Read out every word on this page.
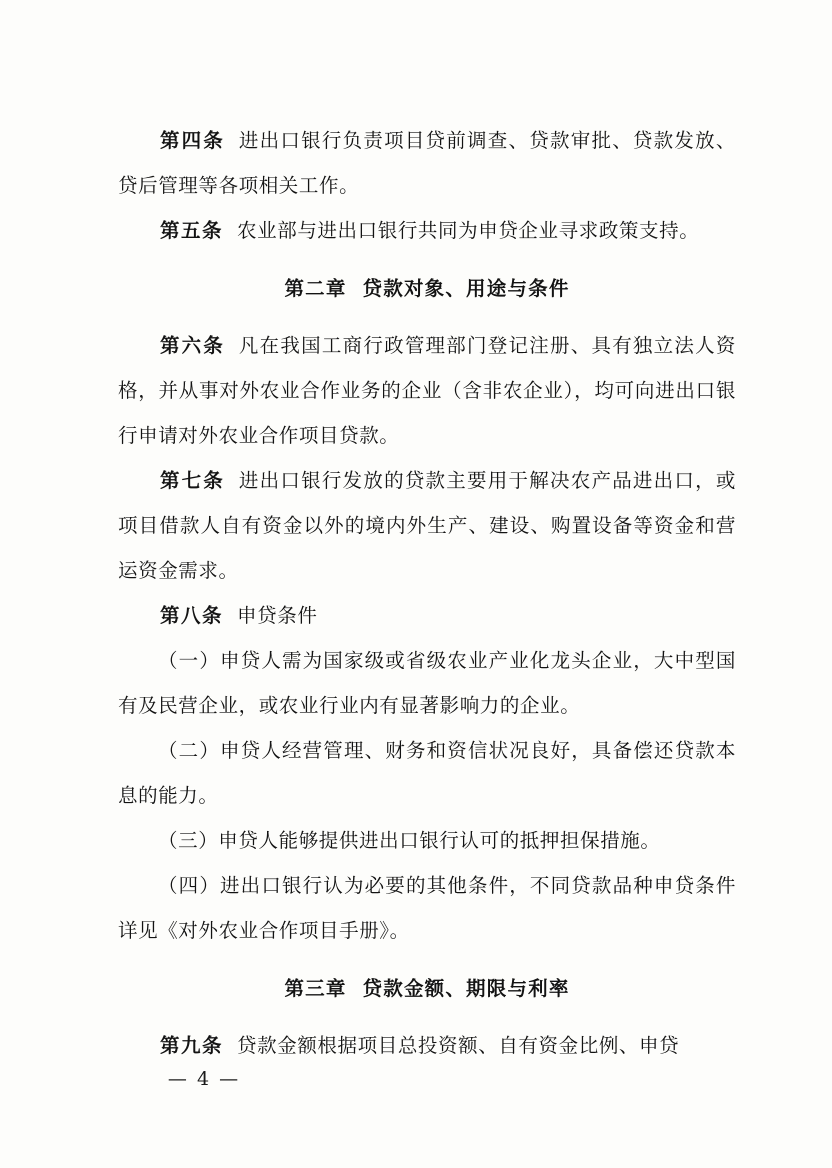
第四条 进出口银行负责项目贷前调查、贷款审批、贷款发放、贷后管理等各项相关工作。

第五条 农业部与进出口银行共同为申贷企业寻求政策支持。

第二章 贷款对象、用途与条件

第六条 凡在我国工商行政管理部门登记注册、具有独立法人资格，并从事对外农业合作业务的企业（含非农企业），均可向进出口银行申请对外农业合作项目贷款。

第七条 进出口银行发放的贷款主要用于解决农产品进出口，或项目借款人自有资金以外的境内外生产、建设、购置设备等资金和营运资金需求。

第八条 申贷条件

（一）申贷人需为国家级或省级农业产业化龙头企业，大中型国有及民营企业，或农业行业内有显著影响力的企业。

（二）申贷人经营管理、财务和资信状况良好，具备偿还贷款本息的能力。

（三）申贷人能够提供进出口银行认可的抵押担保措施。

（四）进出口银行认为必要的其他条件，不同贷款品种申贷条件详见《对外农业合作项目手册》。

第三章 贷款金额、期限与利率

第九条 贷款金额根据项目总投资额、自有资金比例、申贷

— 4 —
